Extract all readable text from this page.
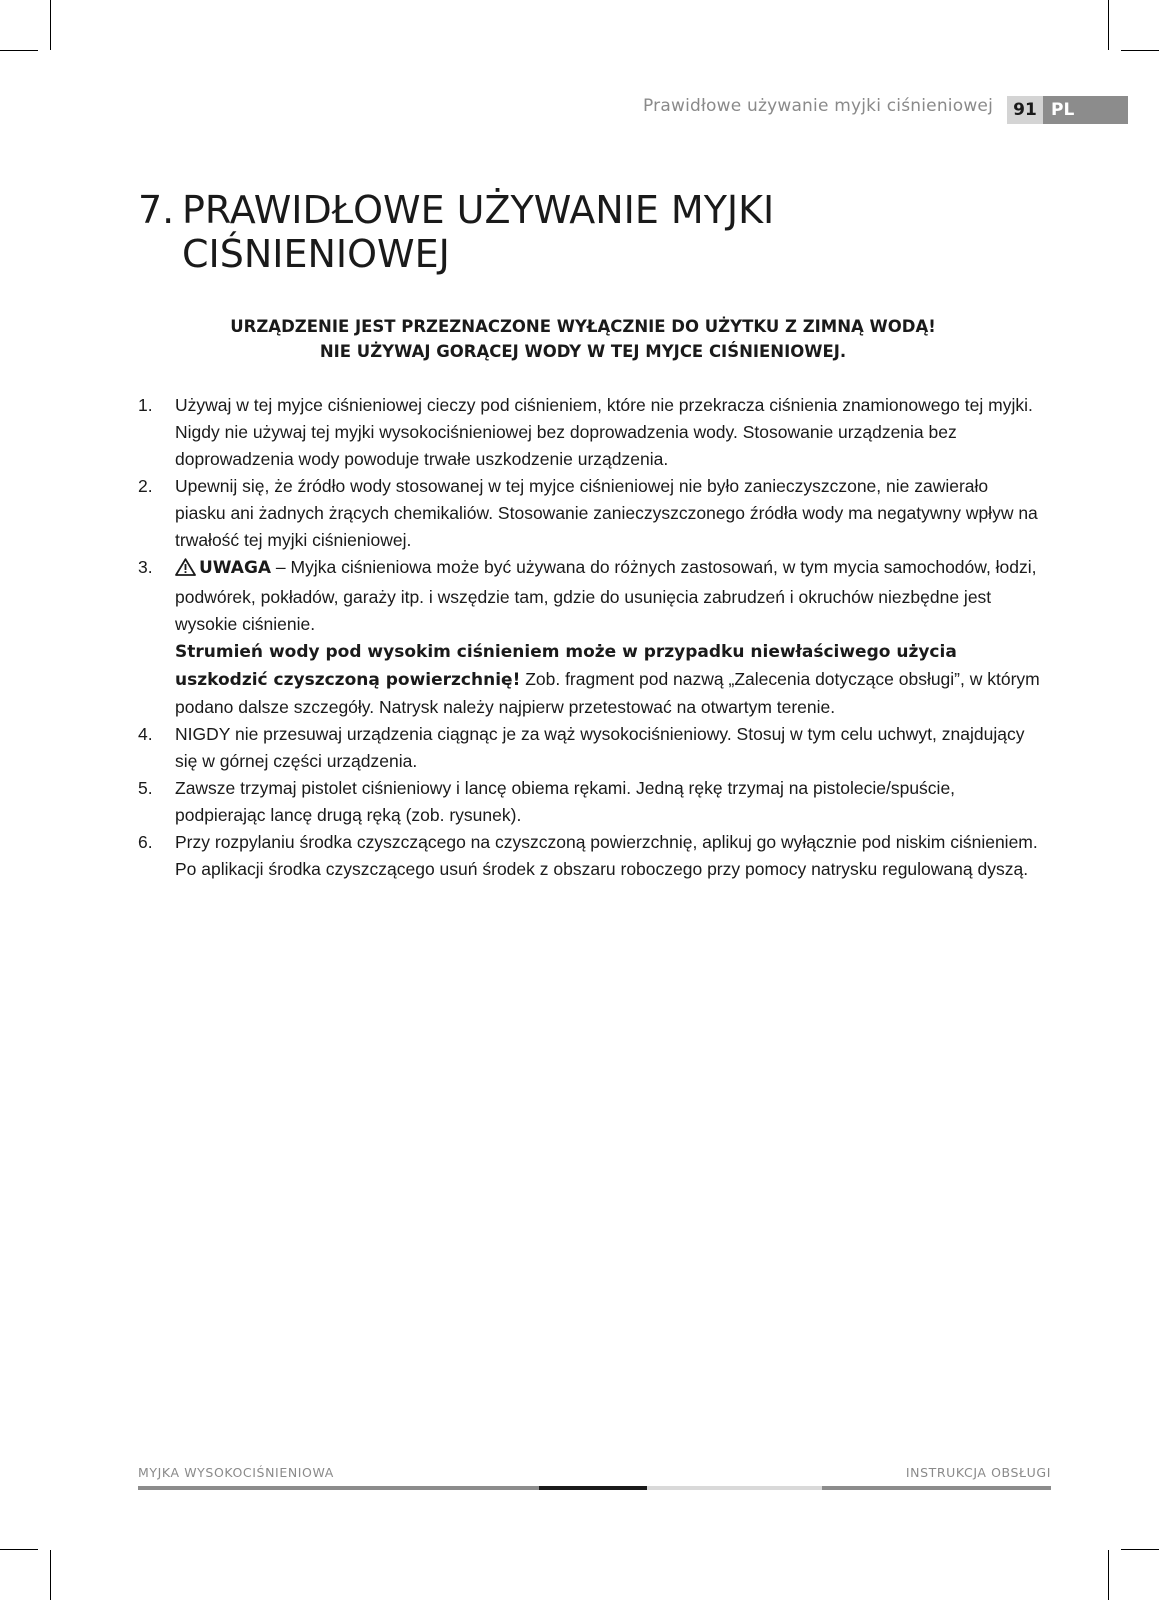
Prawidłowe używanie myjki ciśnieniowej	91 PL
7. PRAWIDŁOWE UŻYWANIE MYJKI
CIŚNIENIOWEJ
URZĄDZENIE JEST PRZEZNACZONE WYŁĄCZNIE DO UŻYTKU Z ZIMNĄ WODĄ!
NIE UŻYWAJ GORĄCEJ WODY W TEJ MYJCE CIŚNIENIOWEJ.
1. Używaj w tej myjce ciśnieniowej cieczy pod ciśnieniem, które nie przekracza ciśnienia znamionowego tej myjki. Nigdy nie używaj tej myjki wysokociśnieniowej bez doprowadzenia wody. Stosowanie urządzenia bez doprowadzenia wody powoduje trwałe uszkodzenie urządzenia.
2. Upewnij się, że źródło wody stosowanej w tej myjce ciśnieniowej nie było zanieczyszczone, nie zawierało piasku ani żadnych żrących chemikaliów. Stosowanie zanieczyszczonego źródła wody ma negatywny wpływ na trwałość tej myjki ciśnieniowej.
3.	UWAGA – Myjka ciśnieniowa może być używana do różnych zastosowań, w tym mycia samochodów, łodzi, podwórek, pokładów, garaży itp. i wszędzie tam, gdzie do usunięcia zabrudzeń i okruchów niezbędne jest wysokie ciśnienie.
Strumień wody pod wysokim ciśnieniem może w przypadku niewłaściwego użycia uszkodzić czyszczoną powierzchnię! Zob. fragment pod nazwą „Zalecenia dotyczące obsługi”, w którym podano dalsze szczegóły. Natrysk należy najpierw przetestować na otwartym terenie.
4. NIGDY nie przesuwaj urządzenia ciągnąc je za wąż wysokociśnieniowy. Stosuj w tym celu uchwyt, znajdujący się w górnej części urządzenia.
5. Zawsze trzymaj pistolet ciśnieniowy i lancę obiema rękami. Jedną rękę trzymaj na pistolecie/spuście, podpierając lancę drugą ręką (zob. rysunek).
6. Przy rozpylaniu środka czyszczącego na czyszczoną powierzchnię, aplikuj go wyłącznie pod niskim ciśnieniem. Po aplikacji środka czyszczącego usuń środek z obszaru roboczego przy pomocy natrysku regulowaną dyszą.
MYJKA WYSOKOCIŚNIENIOWA	INSTRUKCJA OBSŁUGI
